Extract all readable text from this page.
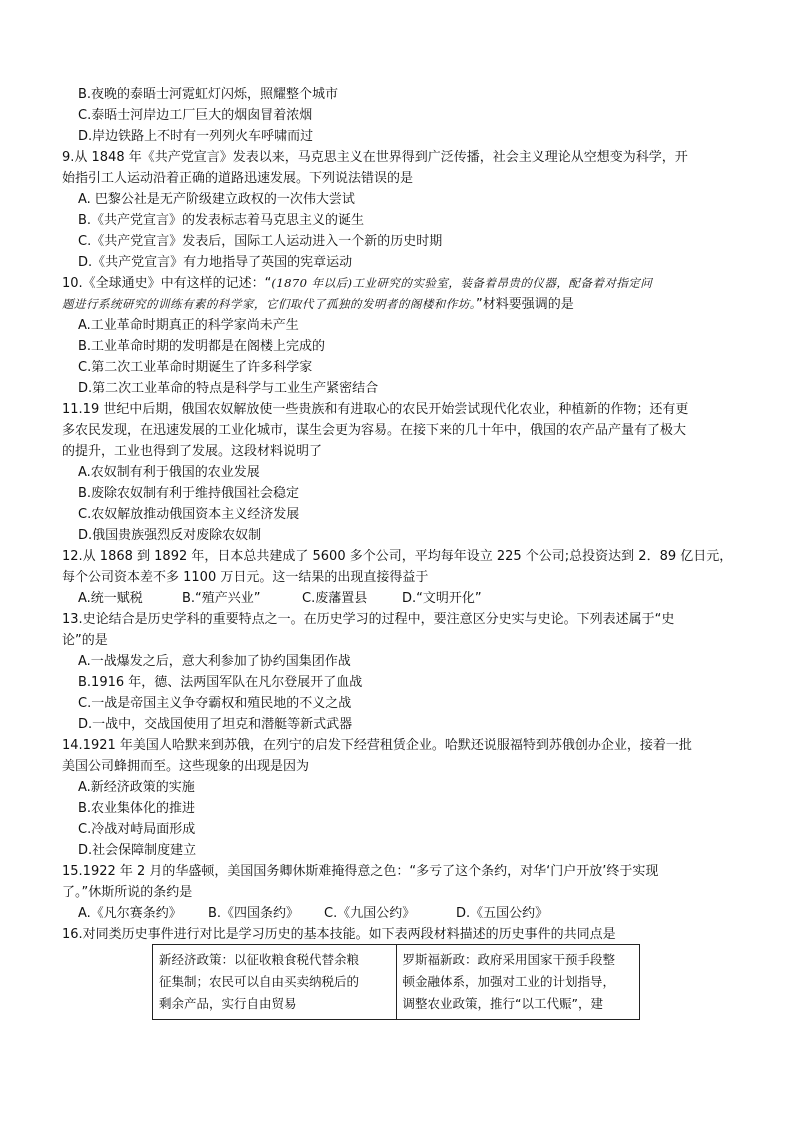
B.夜晚的泰晤士河霓虹灯闪烁，照耀整个城市
C.泰晤士河岸边工厂巨大的烟囱冒着浓烟
D.岸边铁路上不时有一列列火车呼啸而过
9.从 1848 年《共产党宣言》发表以来，马克思主义在世界得到广泛传播，社会主义理论从空想变为科学，开
始指引工人运动沿着正确的道路迅速发展。下列说法错误的是
A. 巴黎公社是无产阶级建立政权的一次伟大尝试
B.《共产党宣言》的发表标志着马克思主义的诞生
C.《共产党宣言》发表后，国际工人运动进入一个新的历史时期
D.《共产党宣言》有力地指导了英国的宪章运动
10.《全球通史》中有这样的记述：“(1870 年以后)工业研究的实验室，装备着昂贵的仪器，配备着对指定问
题进行系统研究的训练有素的科学家，它们取代了孤独的发明者的阁楼和作坊。”材料要强调的是
A.工业革命时期真正的科学家尚未产生
B.工业革命时期的发明都是在阁楼上完成的
C.第二次工业革命时期诞生了许多科学家
D.第二次工业革命的特点是科学与工业生产紧密结合
11.19 世纪中后期，俄国农奴解放使一些贵族和有进取心的农民开始尝试现代化农业，种植新的作物；还有更
多农民发现，在迅速发展的工业化城市，谋生会更为容易。在接下来的几十年中，俄国的农产品产量有了极大
的提升，工业也得到了发展。这段材料说明了
A.农奴制有利于俄国的农业发展
B.废除农奴制有利于维持俄国社会稳定
C.农奴解放推动俄国资本主义经济发展
D.俄国贵族强烈反对废除农奴制
12.从 1868 到 1892 年，日本总共建成了 5600 多个公司，平均每年设立 225 个公司;总投资达到 2．89 亿日元，
每个公司资本差不多 1100 万日元。这一结果的出现直接得益于
A.统一赋税	B.“殖产兴业”	C.废藩置县	D.“文明开化”
13.史论结合是历史学科的重要特点之一。在历史学习的过程中，要注意区分史实与史论。下列表述属于“史
论”的是
A.一战爆发之后，意大利参加了协约国集团作战
B.1916 年，德、法两国军队在凡尔登展开了血战
C.一战是帝国主义争夺霸权和殖民地的不义之战
D.一战中，交战国使用了坦克和潜艇等新式武器
14.1921 年美国人哈默来到苏俄，在列宁的启发下经营租赁企业。哈默还说服福特到苏俄创办企业，接着一批
美国公司蜂拥而至。这些现象的出现是因为
A.新经济政策的实施
B.农业集体化的推进
C.冷战对峙局面形成
D.社会保障制度建立
15.1922 年 2 月的华盛顿，美国国务卿休斯难掩得意之色：“多亏了这个条约，对华‘门户开放’终于实现
了。”休斯所说的条约是
A.《凡尔赛条约》	B.《四国条约》	C.《九国公约》	D.《五国公约》
16.对同类历史事件进行对比是学习历史的基本技能。如下表两段材料描述的历史事件的共同点是
新经济政策：以征收粮食税代替余粮
征集制；农民可以自由买卖纳税后的
剩余产品，实行自由贸易
罗斯福新政：政府采用国家干预手段整
顿金融体系，加强对工业的计划指导，
调整农业政策，推行“以工代赈”，建
